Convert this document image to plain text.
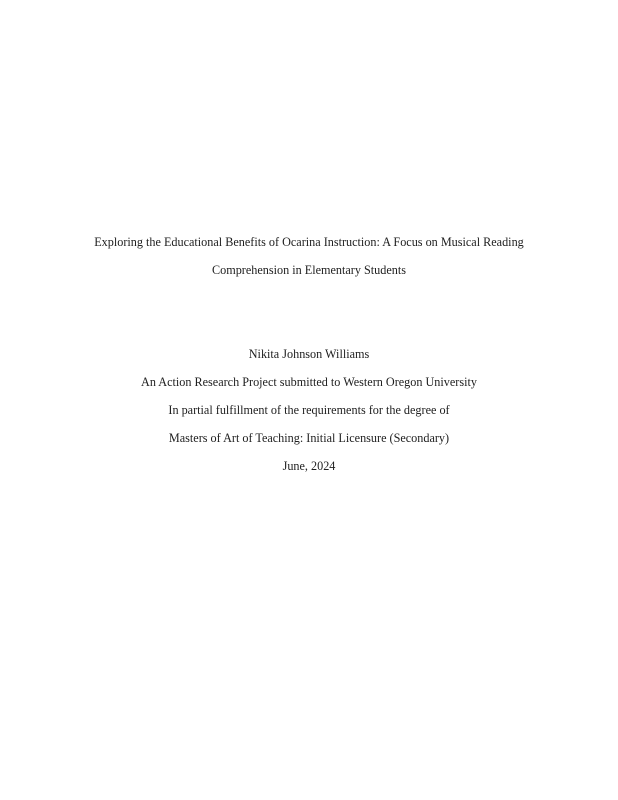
Exploring the Educational Benefits of Ocarina Instruction: A Focus on Musical Reading

Comprehension in Elementary Students

Nikita Johnson Williams

An Action Research Project submitted to Western Oregon University

In partial fulfillment of the requirements for the degree of

Masters of Art of Teaching: Initial Licensure (Secondary)

June, 2024
